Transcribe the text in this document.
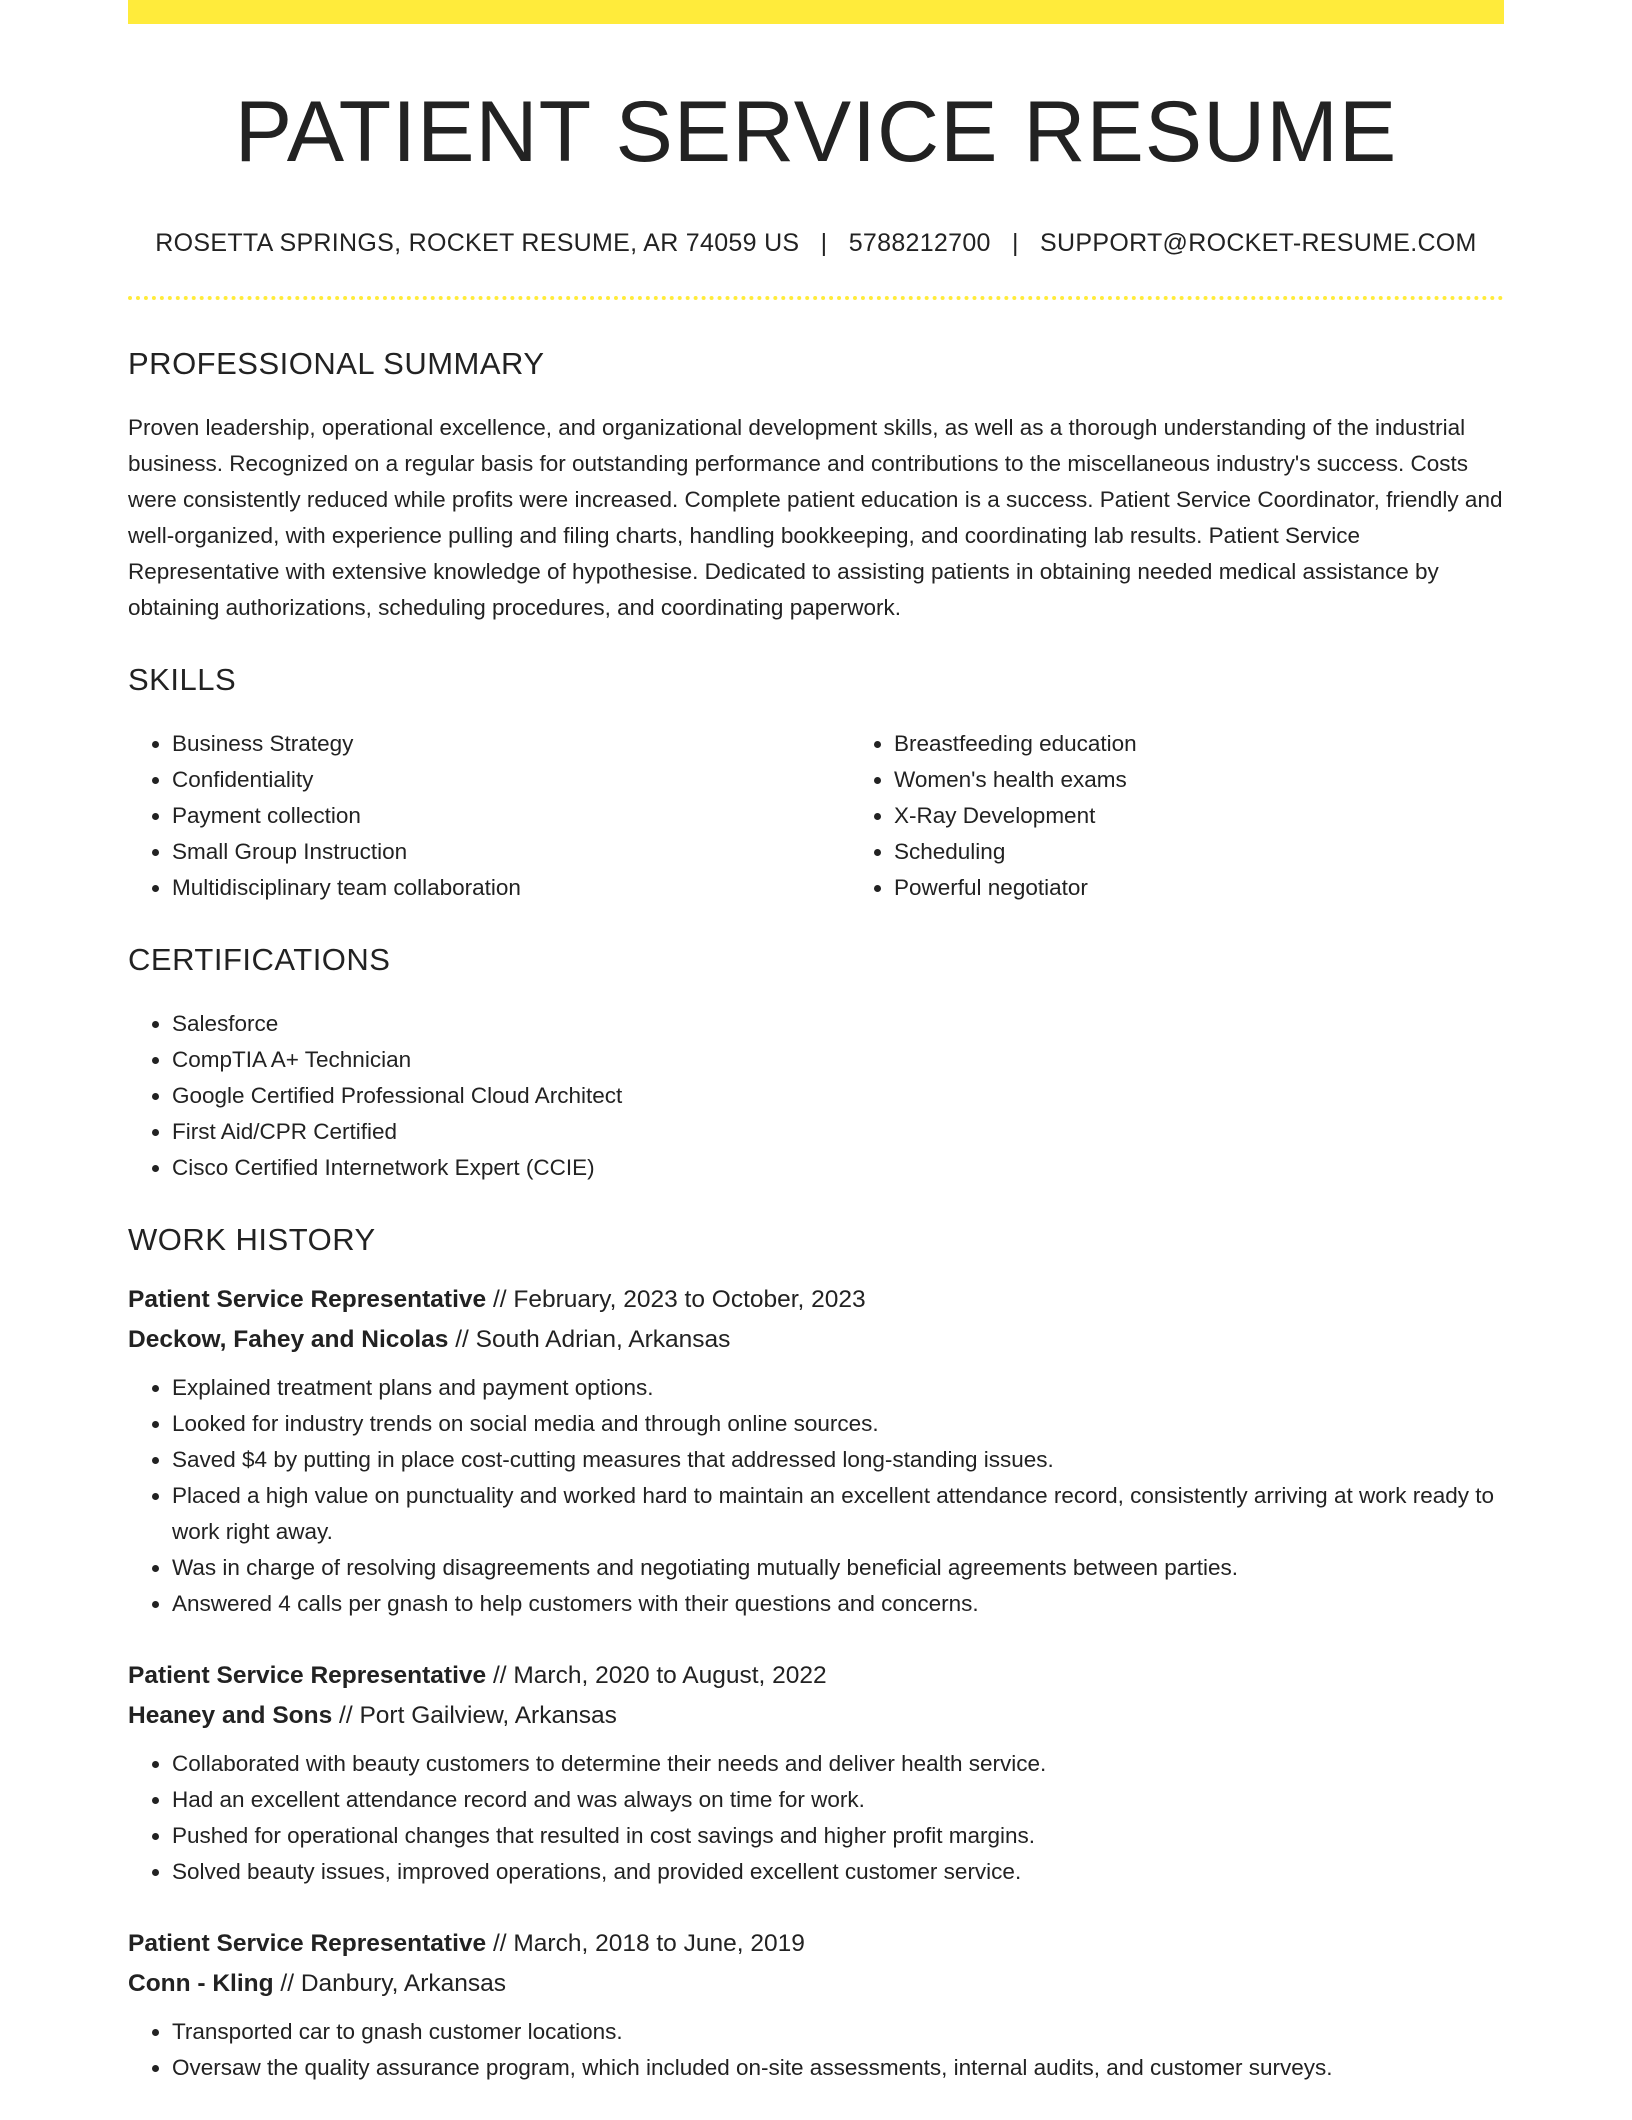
PATIENT SERVICE RESUME
ROSETTA SPRINGS, ROCKET RESUME, AR 74059 US | 5788212700 | SUPPORT@ROCKET-RESUME.COM
PROFESSIONAL SUMMARY

Proven leadership, operational excellence, and organizational development skills, as well as a thorough understanding of the industrial business. Recognized on a regular basis for outstanding performance and contributions to the miscellaneous industry's success. Costs were consistently reduced while profits were increased. Complete patient education is a success. Patient Service Coordinator, friendly and well-organized, with experience pulling and filing charts, handling bookkeeping, and coordinating lab results. Patient Service Representative with extensive knowledge of hypothesise. Dedicated to assisting patients in obtaining needed medical assistance by obtaining authorizations, scheduling procedures, and coordinating paperwork.

SKILLS
• Business Strategy
• Confidentiality
• Payment collection
• Small Group Instruction
• Multidisciplinary team collaboration
• Breastfeeding education
• Women's health exams
• X-Ray Development
• Scheduling
• Powerful negotiator
CERTIFICATIONS
• Salesforce
• CompTIA A+ Technician
• Google Certified Professional Cloud Architect
• First Aid/CPR Certified
• Cisco Certified Internetwork Expert (CCIE)
WORK HISTORY
Patient Service Representative // February, 2023 to October, 2023
Deckow, Fahey and Nicolas // South Adrian, Arkansas
• Explained treatment plans and payment options.
• Looked for industry trends on social media and through online sources.
• Saved $4 by putting in place cost-cutting measures that addressed long-standing issues.
• Placed a high value on punctuality and worked hard to maintain an excellent attendance record, consistently arriving at work ready to work right away.
• Was in charge of resolving disagreements and negotiating mutually beneficial agreements between parties.
• Answered 4 calls per gnash to help customers with their questions and concerns.
Patient Service Representative // March, 2020 to August, 2022
Heaney and Sons // Port Gailview, Arkansas
• Collaborated with beauty customers to determine their needs and deliver health service.
• Had an excellent attendance record and was always on time for work.
• Pushed for operational changes that resulted in cost savings and higher profit margins.
• Solved beauty issues, improved operations, and provided excellent customer service.
Patient Service Representative // March, 2018 to June, 2019
Conn - Kling // Danbury, Arkansas
• Transported car to gnash customer locations.
• Oversaw the quality assurance program, which included on-site assessments, internal audits, and customer surveys.
